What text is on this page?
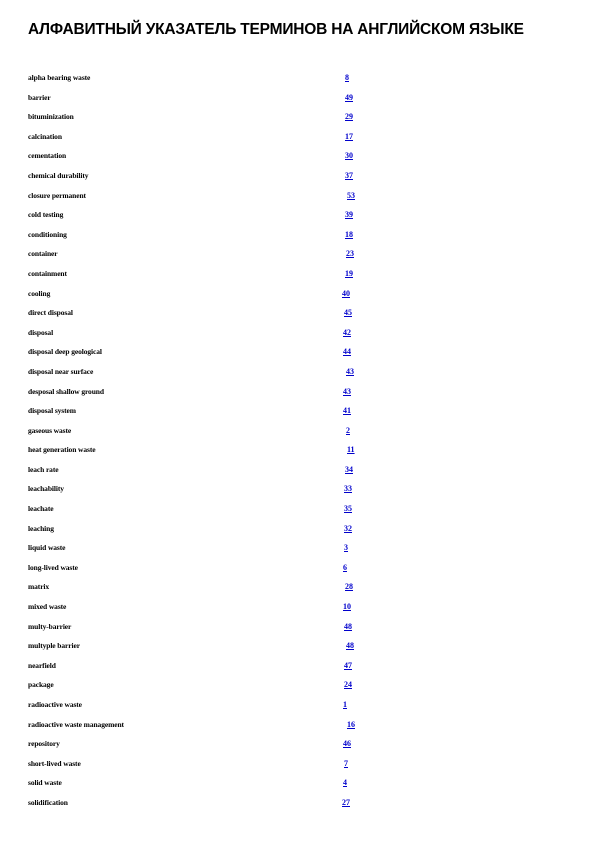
АЛФАВИТНЫЙ УКАЗАТЕЛЬ ТЕРМИНОВ НА АНГЛИЙСКОМ ЯЗЫКЕ
alpha bearing waste	8
barrier	49
bituminization	29
calcination	17
cementation	30
chemical durability	37
closure permanent	53
cold testing	39
conditioning	18
container	23
containment	19
cooling	40
direct disposal	45
disposal	42
disposal deep geological	44
disposal near surface	43
desposal shallow ground	43
disposal system	41
gaseous waste	2
heat generation waste	11
leach rate	34
leachability	33
leachate	35
leaching	32
liquid waste	3
long-lived waste	6
matrix	28
mixed waste	10
multy-barrier	48
multyple barrier	48
nearfield	47
package	24
radioactive waste	1
radioactive waste management	16
repository	46
short-lived waste	7
solid waste	4
solidification	27
